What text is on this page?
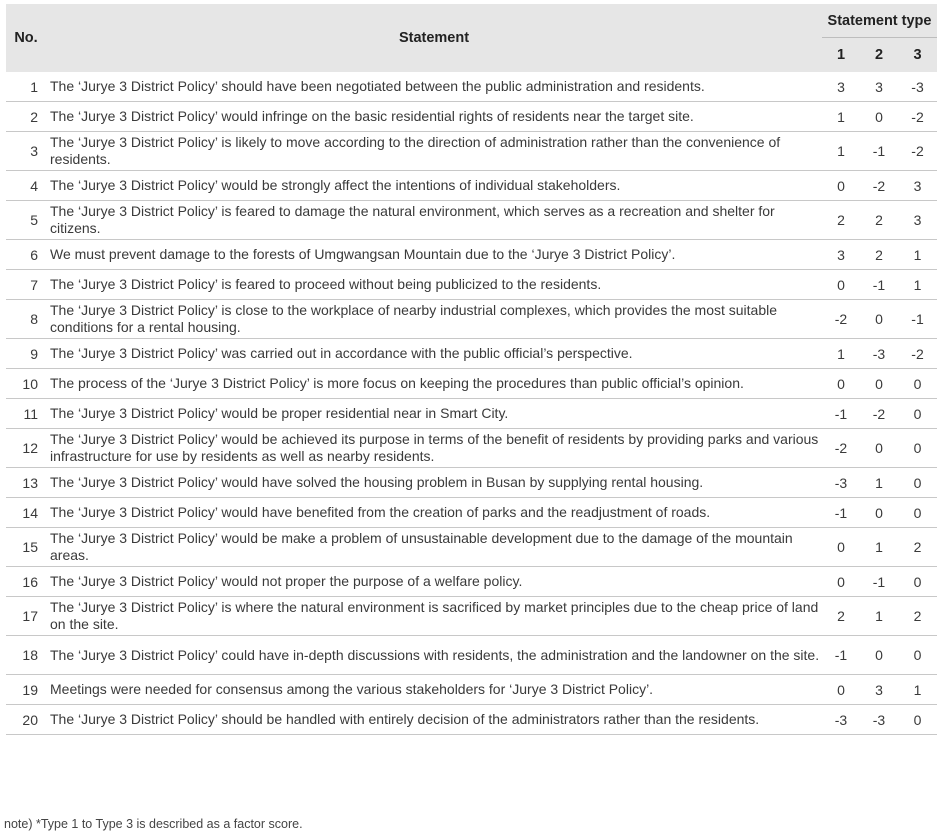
No.	Statement	Statement type		
		1	2	3
1	The ‘Jurye 3 District Policy’ should have been negotiated between the public administration and residents.	3	3	-3
2	The ‘Jurye 3 District Policy’ would infringe on the basic residential rights of residents near the target site.	1	0	-2
3	The ‘Jurye 3 District Policy’ is likely to move according to the direction of administration rather than the convenience of residents.	1	-1	-2
4	The ‘Jurye 3 District Policy’ would be strongly affect the intentions of individual stakeholders.	0	-2	3
5	The ‘Jurye 3 District Policy’ is feared to damage the natural environment, which serves as a recreation and shelter for citizens.	2	2	3
6	We must prevent damage to the forests of Umgwangsan Mountain due to the ‘Jurye 3 District Policy’.	3	2	1
7	The ‘Jurye 3 District Policy’ is feared to proceed without being publicized to the residents.	0	-1	1
8	The ‘Jurye 3 District Policy’ is close to the workplace of nearby industrial complexes, which provides the most suitable conditions for a rental housing.	-2	0	-1
9	The ‘Jurye 3 District Policy’ was carried out in accordance with the public official’s perspective.	1	-3	-2
10	The process of the ‘Jurye 3 District Policy’ is more focus on keeping the procedures than public official’s opinion.	0	0	0
11	The ‘Jurye 3 District Policy’ would be proper residential near in Smart City.	-1	-2	0
12	The ‘Jurye 3 District Policy’ would be achieved its purpose in terms of the benefit of residents by providing parks and various infrastructure for use by residents as well as nearby residents.	-2	0	0
13	The ‘Jurye 3 District Policy’ would have solved the housing problem in Busan by supplying rental housing.	-3	1	0
14	The ‘Jurye 3 District Policy’ would have benefited from the creation of parks and the readjustment of roads.	-1	0	0
15	The ‘Jurye 3 District Policy’ would be make a problem of unsustainable development due to the damage of the mountain areas.	0	1	2
16	The ‘Jurye 3 District Policy’ would not proper the purpose of a welfare policy.	0	-1	0
17	The ‘Jurye 3 District Policy’ is where the natural environment is sacrificed by market principles due to the cheap price of land on the site.	2	1	2
18	The ‘Jurye 3 District Policy’ could have in-depth discussions with residents, the administration and the landowner on the site.	-1	0	0
19	Meetings were needed for consensus among the various stakeholders for ‘Jurye 3 District Policy’.	0	3	1
20	The ‘Jurye 3 District Policy’ should be handled with entirely decision of the administrators rather than the residents.	-3	-3	0
note) *Type 1 to Type 3 is described as a factor score.
